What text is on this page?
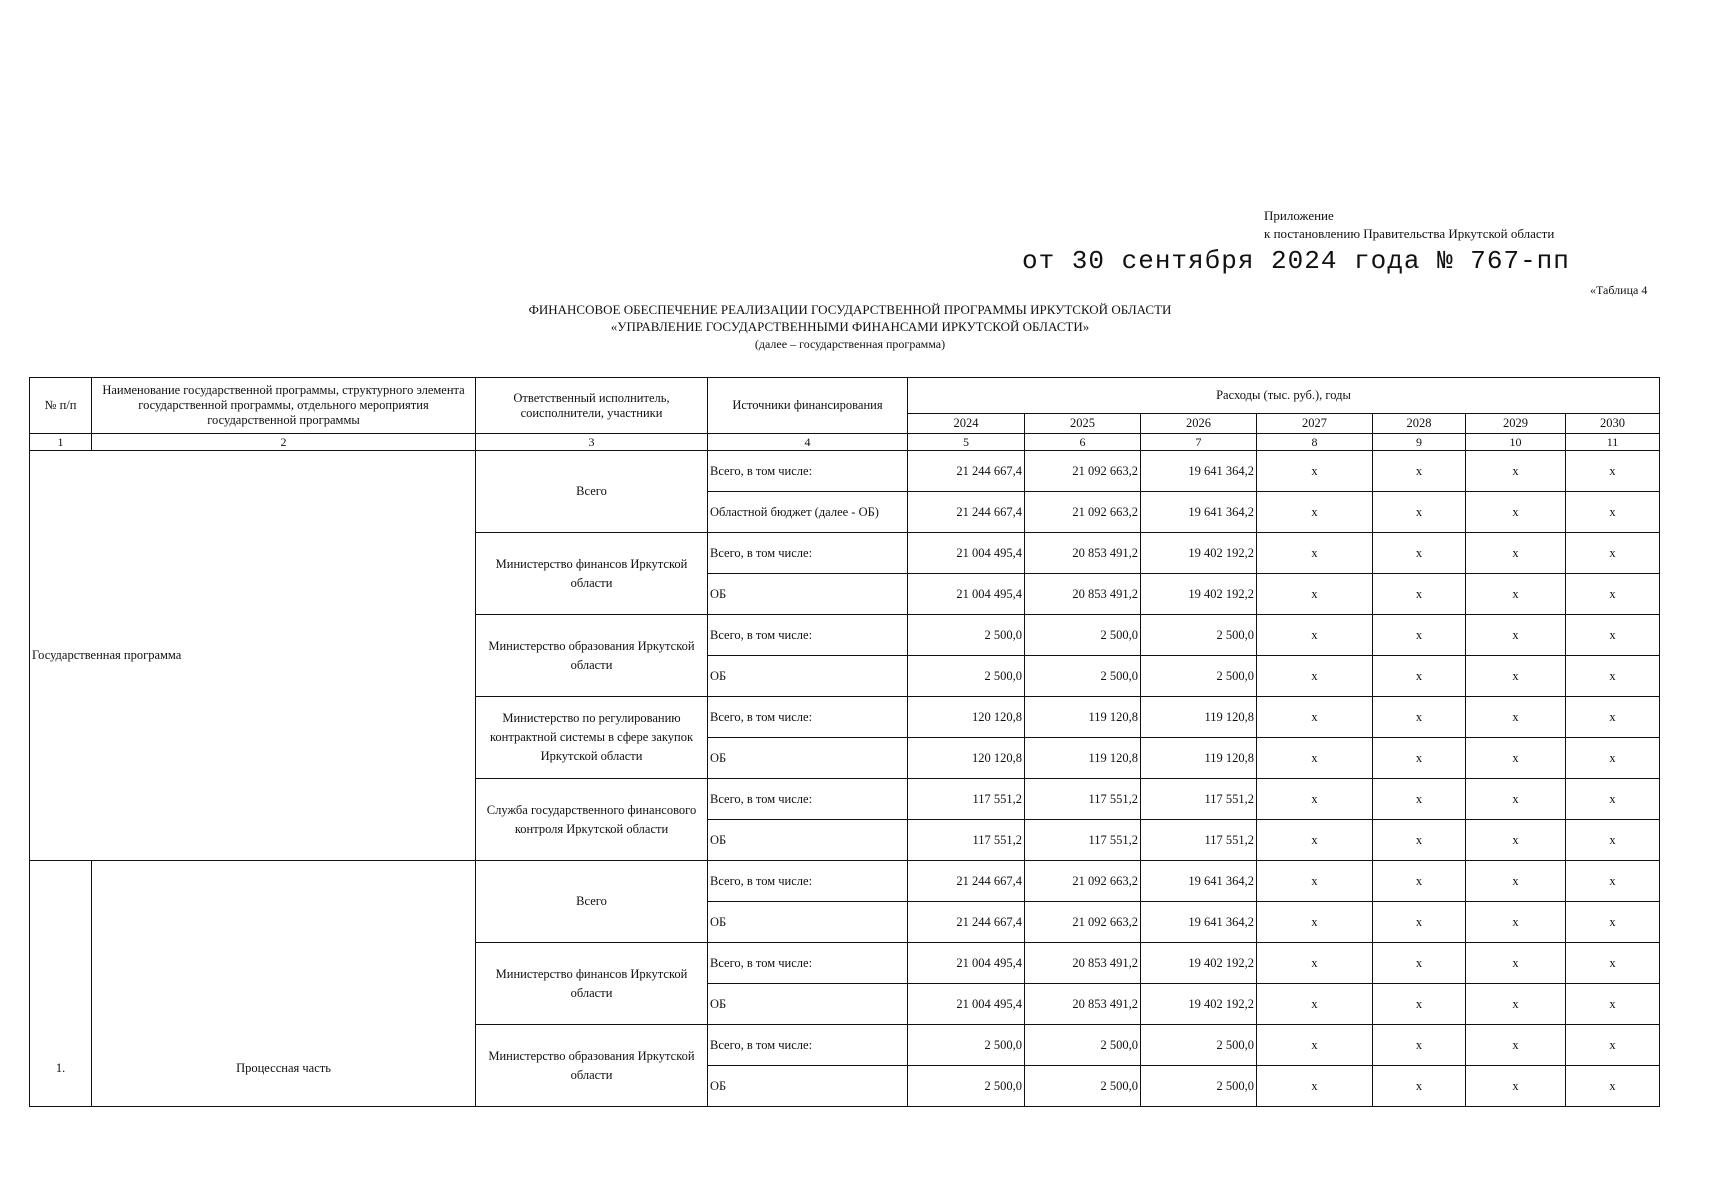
Приложение
к постановлению Правительства Иркутской области
от 30 сентября 2024 года № 767-пп
«Таблица 4
ФИНАНСОВОЕ ОБЕСПЕЧЕНИЕ РЕАЛИЗАЦИИ ГОСУДАРСТВЕННОЙ ПРОГРАММЫ ИРКУТСКОЙ ОБЛАСТИ
«УПРАВЛЕНИЕ ГОСУДАРСТВЕННЫМИ ФИНАНСАМИ ИРКУТСКОЙ ОБЛАСТИ»
(далее – государственная программа)
№ п/п	Наименование государственной программы, структурного элемента государственной программы, отдельного мероприятия государственной программы	Ответственный исполнитель, соисполнители, участники	Источники финансирования	Расходы (тыс. руб.), годы						
				2024	2025	2026	2027	2028	2029	2030
1	2	3	4	5	6	7	8	9	10	11
Государственная программа		Всего	Всего, в том числе:	21 244 667,4	21 092 663,2	19 641 364,2	х	х	х	х
			Областной бюджет (далее - ОБ)	21 244 667,4	21 092 663,2	19 641 364,2	х	х	х	х
		Министерство финансов Иркутской области	Всего, в том числе:	21 004 495,4	20 853 491,2	19 402 192,2	х	х	х	х
			ОБ	21 004 495,4	20 853 491,2	19 402 192,2	х	х	х	х
		Министерство образования Иркутской области	Всего, в том числе:	2 500,0	2 500,0	2 500,0	х	х	х	х
			ОБ	2 500,0	2 500,0	2 500,0	х	х	х	х
		Министерство по регулированию контрактной системы в сфере закупок Иркутской области	Всего, в том числе:	120 120,8	119 120,8	119 120,8	х	х	х	х
			ОБ	120 120,8	119 120,8	119 120,8	х	х	х	х
		Служба государственного финансового контроля Иркутской области	Всего, в том числе:	117 551,2	117 551,2	117 551,2	х	х	х	х
			ОБ	117 551,2	117 551,2	117 551,2	х	х	х	х
1.	Процессная часть	Всего	Всего, в том числе:	21 244 667,4	21 092 663,2	19 641 364,2	х	х	х	х
			ОБ	21 244 667,4	21 092 663,2	19 641 364,2	х	х	х	х
		Министерство финансов Иркутской области	Всего, в том числе:	21 004 495,4	20 853 491,2	19 402 192,2	х	х	х	х
			ОБ	21 004 495,4	20 853 491,2	19 402 192,2	х	х	х	х
		Министерство образования Иркутской области	Всего, в том числе:	2 500,0	2 500,0	2 500,0	х	х	х	х
			ОБ	2 500,0	2 500,0	2 500,0	х	х	х	х
